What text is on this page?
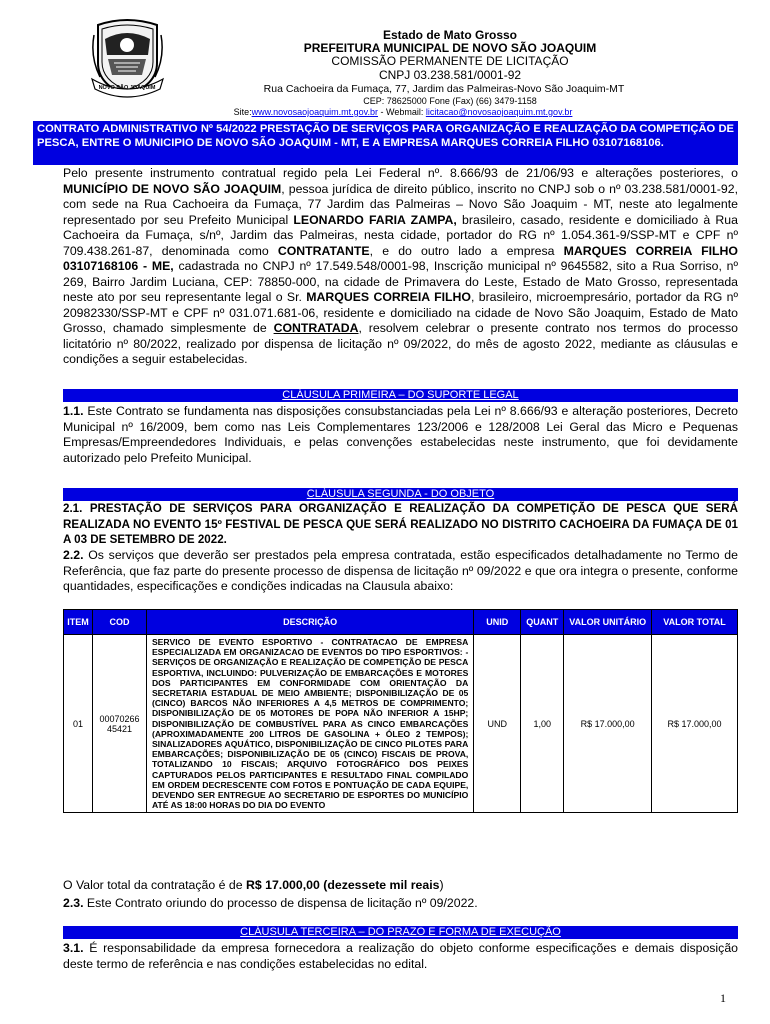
NOVO SÃO JOAQUIM
Estado de Mato Grosso
PREFEITURA MUNICIPAL DE NOVO SÃO JOAQUIM
COMISSÃO PERMANENTE DE LICITAÇÃO
CNPJ 03.238.581/0001-92
Rua Cachoeira da Fumaça, 77, Jardim das Palmeiras-Novo São Joaquim-MT
CEP: 78625000 Fone (Fax) (66) 3479-1158
Site:www.novosaojoaquim.mt.gov.br - Webmail: licitacao@novosaojoaquim.mt.gov.br
CONTRATO ADMINISTRATIVO Nº 54/2022 PRESTAÇÃO DE SERVIÇOS PARA ORGANIZAÇÃO E REALIZAÇÃO DA COMPETIÇÃO DE PESCA, ENTRE O MUNICIPIO DE NOVO SÃO JOAQUIM - MT, E A EMPRESA MARQUES CORREIA FILHO 03107168106.
Pelo presente instrumento contratual regido pela Lei Federal nº. 8.666/93 de 21/06/93 e alterações posteriores, o MUNICÍPIO DE NOVO SÃO JOAQUIM, pessoa jurídica de direito público, inscrito no CNPJ sob o nº 03.238.581/0001-92, com sede na Rua Cachoeira da Fumaça, 77 Jardim das Palmeiras – Novo São Joaquim - MT, neste ato legalmente representado por seu Prefeito Municipal LEONARDO FARIA ZAMPA, brasileiro, casado, residente e domiciliado à Rua Cachoeira da Fumaça, s/nº, Jardim das Palmeiras, nesta cidade, portador do RG nº 1.054.361-9/SSP-MT e CPF nº 709.438.261-87, denominada como CONTRATANTE, e do outro lado a empresa MARQUES CORREIA FILHO 03107168106 - ME, cadastrada no CNPJ nº 17.549.548/0001-98, Inscrição municipal nº 9645582, sito a Rua Sorriso, nº 269, Bairro Jardim Luciana, CEP: 78850-000, na cidade de Primavera do Leste, Estado de Mato Grosso, representada neste ato por seu representante legal o Sr. MARQUES CORREIA FILHO, brasileiro, microempresário, portador da RG nº 20982330/SSP-MT e CPF nº 031.071.681-06, residente e domiciliado na cidade de Novo São Joaquim, Estado de Mato Grosso, chamado simplesmente de CONTRATADA, resolvem celebrar o presente contrato nos termos do processo licitatório nº 80/2022, realizado por dispensa de licitação nº 09/2022, do mês de agosto 2022, mediante as cláusulas e condições a seguir estabelecidas.
CLÁUSULA PRIMEIRA – DO SUPORTE LEGAL
1.1. Este Contrato se fundamenta nas disposições consubstanciadas pela Lei nº 8.666/93 e alteração posteriores, Decreto Municipal nº 16/2009, bem como nas Leis Complementares 123/2006 e 128/2008 Lei Geral das Micro e Pequenas Empresas/Empreendedores Individuais, e pelas convenções estabelecidas neste instrumento, que foi devidamente autorizado pelo Prefeito Municipal.
CLÁUSULA SEGUNDA - DO OBJETO
2.1. PRESTAÇÃO DE SERVIÇOS PARA ORGANIZAÇÃO E REALIZAÇÃO DA COMPETIÇÃO DE PESCA QUE SERÁ REALIZADA NO EVENTO 15º FESTIVAL DE PESCA QUE SERÁ REALIZADO NO DISTRITO CACHOEIRA DA FUMAÇA DE 01 A 03 DE SETEMBRO DE 2022.
2.2. Os serviços que deverão ser prestados pela empresa contratada, estão especificados detalhadamente no Termo de Referência, que faz parte do presente processo de dispensa de licitação nº 09/2022 e que ora integra o presente, conforme quantidades, especificações e condições indicadas na Clausula abaixo:
ITEM	COD	DESCRIÇÃO	UNID	QUANT	VALOR UNITÁRIO	VALOR TOTAL
01	00070266 45421	SERVICO DE EVENTO ESPORTIVO - CONTRATACAO DE EMPRESA ESPECIALIZADA EM ORGANIZACAO DE EVENTOS DO TIPO ESPORTIVOS: - SERVIÇOS DE ORGANIZAÇÃO E REALIZAÇÃO DE COMPETIÇÃO DE PESCA ESPORTIVA, INCLUINDO: PULVERIZAÇÃO DE EMBARCAÇÕES E MOTORES DOS PARTICIPANTES EM CONFORMIDADE COM ORIENTAÇÃO DA SECRETARIA ESTADUAL DE MEIO AMBIENTE; DISPONIBILIZAÇÃO DE 05 (CINCO) BARCOS NÃO INFERIORES A 4,5 METROS DE COMPRIMENTO; DISPONIBILIZAÇÃO DE 05 MOTORES DE POPA NÃO INFERIOR A 15HP; DISPONIBILIZAÇÃO DE COMBUSTÍVEL PARA AS CINCO EMBARCAÇÕES (APROXIMADAMENTE 200 LITROS DE GASOLINA + ÓLEO 2 TEMPOS); SINALIZADORES AQUÁTICO, DISPONIBILIZAÇÃO DE CINCO PILOTES PARA EMBARCAÇÕES; DISPONIBILIZAÇÃO DE 05 (CINCO) FISCAIS DE PROVA, TOTALIZANDO 10 FISCAIS; ARQUIVO FOTOGRÁFICO DOS PEIXES CAPTURADOS PELOS PARTICIPANTES E RESULTADO FINAL COMPILADO EM ORDEM DECRESCENTE COM FOTOS E PONTUAÇÃO DE CADA EQUIPE, DEVENDO SER ENTREGUE AO SECRETARIO DE ESPORTES DO MUNICÍPIO ATÉ AS 18:00 HORAS DO DIA DO EVENTO	UND	1,00	R$ 17.000,00	R$ 17.000,00
O Valor total da contratação é de R$ 17.000,00 (dezessete mil reais)
2.3. Este Contrato oriundo do processo de dispensa de licitação nº 09/2022.
CLÁUSULA TERCEIRA – DO PRAZO E FORMA DE EXECUÇÃO
3.1. É responsabilidade da empresa fornecedora a realização do objeto conforme especificações e demais disposição deste termo de referência e nas condições estabelecidas no edital.
1
